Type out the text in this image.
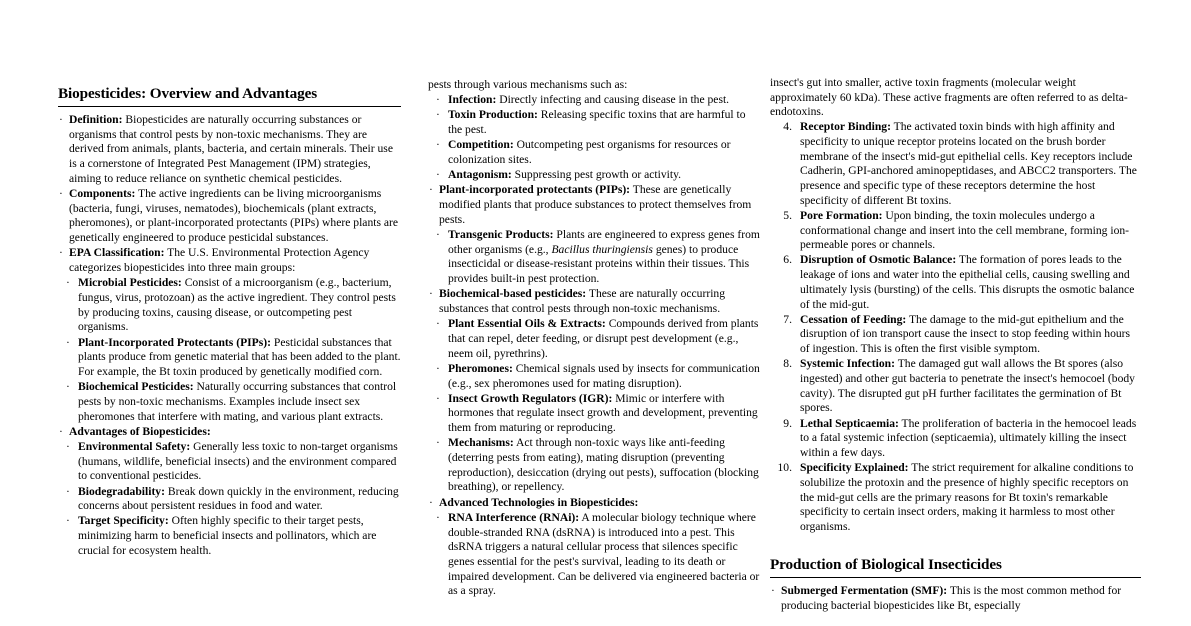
Biopesticides: Overview and Advantages
· Definition: Biopesticides are naturally occurring substances or organisms that control pests by non-toxic mechanisms. They are derived from animals, plants, bacteria, and certain minerals. Their use is a cornerstone of Integrated Pest Management (IPM) strategies, aiming to reduce reliance on synthetic chemical pesticides.
· Components: The active ingredients can be living microorganisms (bacteria, fungi, viruses, nematodes), biochemicals (plant extracts, pheromones), or plant-incorporated protectants (PIPs) where plants are genetically engineered to produce pesticidal substances.
· EPA Classification: The U.S. Environmental Protection Agency categorizes biopesticides into three main groups:
· Microbial Pesticides: Consist of a microorganism (e.g., bacterium, fungus, virus, protozoan) as the active ingredient. They control pests by producing toxins, causing disease, or outcompeting pest organisms.
· Plant-Incorporated Protectants (PIPs): Pesticidal substances that plants produce from genetic material that has been added to the plant. For example, the Bt toxin produced by genetically modified corn.
· Biochemical Pesticides: Naturally occurring substances that control pests by non-toxic mechanisms. Examples include insect sex pheromones that interfere with mating, and various plant extracts.
· Advantages of Biopesticides:
· Environmental Safety: Generally less toxic to non-target organisms (humans, wildlife, beneficial insects) and the environment compared to conventional pesticides.
· Biodegradability: Break down quickly in the environment, reducing concerns about persistent residues in food and water.
· Target Specificity: Often highly specific to their target pests, minimizing harm to beneficial insects and pollinators, which are crucial for ecosystem health.

pests through various mechanisms such as:

· Infection: Directly infecting and causing disease in the pest.
· Toxin Production: Releasing specific toxins that are harmful to the pest.
· Competition: Outcompeting pest organisms for resources or colonization sites.
· Antagonism: Suppressing pest growth or activity.
· Plant-incorporated protectants (PIPs): These are genetically modified plants that produce substances to protect themselves from pests.
· Transgenic Products: Plants are engineered to express genes from other organisms (e.g., Bacillus thuringiensis genes) to produce insecticidal or disease-resistant proteins within their tissues. This provides built-in pest protection.
· Biochemical-based pesticides: These are naturally occurring substances that control pests through non-toxic mechanisms.
· Plant Essential Oils & Extracts: Compounds derived from plants that can repel, deter feeding, or disrupt pest development (e.g., neem oil, pyrethrins).
· Pheromones: Chemical signals used by insects for communication (e.g., sex pheromones used for mating disruption).
· Insect Growth Regulators (IGR): Mimic or interfere with hormones that regulate insect growth and development, preventing them from maturing or reproducing.
· Mechanisms: Act through non-toxic ways like anti-feeding (deterring pests from eating), mating disruption (preventing reproduction), desiccation (drying out pests), suffocation (blocking breathing), or repellency.
· Advanced Technologies in Biopesticides:
· RNA Interference (RNAi): A molecular biology technique where double-stranded RNA (dsRNA) is introduced into a pest. This dsRNA triggers a natural cellular process that silences specific genes essential for the pest's survival, leading to its death or impaired development. Can be delivered via engineered bacteria or as a spray.

insect's gut into smaller, active toxin fragments (molecular weight approximately 60 kDa). These active fragments are often referred to as delta-endotoxins.

4. Receptor Binding: The activated toxin binds with high affinity and specificity to unique receptor proteins located on the brush border membrane of the insect's mid-gut epithelial cells. Key receptors include Cadherin, GPI-anchored aminopeptidases, and ABCC2 transporters. The presence and specific type of these receptors determine the host specificity of different Bt toxins.
5. Pore Formation: Upon binding, the toxin molecules undergo a conformational change and insert into the cell membrane, forming ion-permeable pores or channels.
6. Disruption of Osmotic Balance: The formation of pores leads to the leakage of ions and water into the epithelial cells, causing swelling and ultimately lysis (bursting) of the cells. This disrupts the osmotic balance of the mid-gut.
7. Cessation of Feeding: The damage to the mid-gut epithelium and the disruption of ion transport cause the insect to stop feeding within hours of ingestion. This is often the first visible symptom.
8. Systemic Infection: The damaged gut wall allows the Bt spores (also ingested) and other gut bacteria to penetrate the insect's hemocoel (body cavity). The disrupted gut pH further facilitates the germination of Bt spores.
9. Lethal Septicaemia: The proliferation of bacteria in the hemocoel leads to a fatal systemic infection (septicaemia), ultimately killing the insect within a few days.
10. Specificity Explained: The strict requirement for alkaline conditions to solubilize the protoxin and the presence of highly specific receptors on the mid-gut cells are the primary reasons for Bt toxin's remarkable specificity to certain insect orders, making it harmless to most other organisms.
Production of Biological Insecticides
· Submerged Fermentation (SMF): This is the most common method for producing bacterial biopesticides like Bt, especially
